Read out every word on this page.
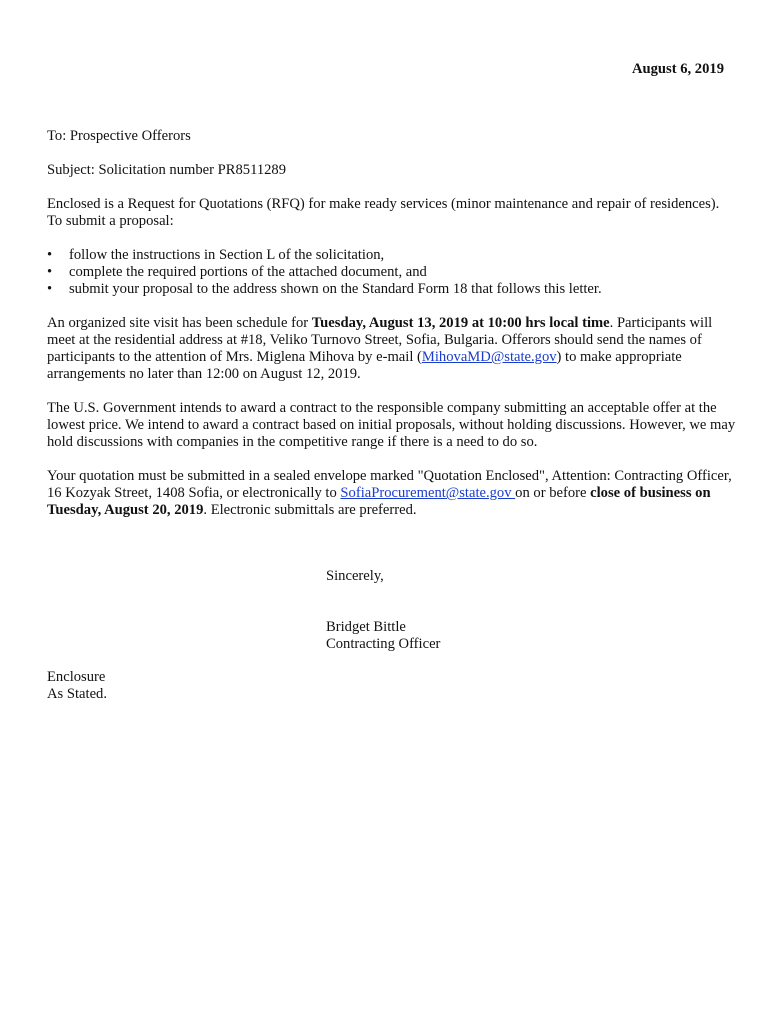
August 6, 2019

To: Prospective Offerors

Subject: Solicitation number PR8511289

Enclosed is a Request for Quotations (RFQ) for make ready services (minor maintenance and repair of residences). To submit a proposal:

• follow the instructions in Section L of the solicitation,
• complete the required portions of the attached document, and
• submit your proposal to the address shown on the Standard Form 18 that follows this letter.

An organized site visit has been schedule for Tuesday, August 13, 2019 at 10:00 hrs local time. Participants will meet at the residential address at #18, Veliko Turnovo Street, Sofia, Bulgaria. Offerors should send the names of participants to the attention of Mrs. Miglena Mihova by e-mail (MihovaMD@state.gov) to make appropriate arrangements no later than 12:00 on August 12, 2019.

The U.S. Government intends to award a contract to the responsible company submitting an acceptable offer at the lowest price. We intend to award a contract based on initial proposals, without holding discussions. However, we may hold discussions with companies in the competitive range if there is a need to do so.

Your quotation must be submitted in a sealed envelope marked "Quotation Enclosed", Attention: Contracting Officer, 16 Kozyak Street, 1408 Sofia, or electronically to SofiaProcurement@state.gov on or before close of business on Tuesday, August 20, 2019. Electronic submittals are preferred.

Sincerely,

Bridget Bittle

Contracting Officer

Enclosure

As Stated.
